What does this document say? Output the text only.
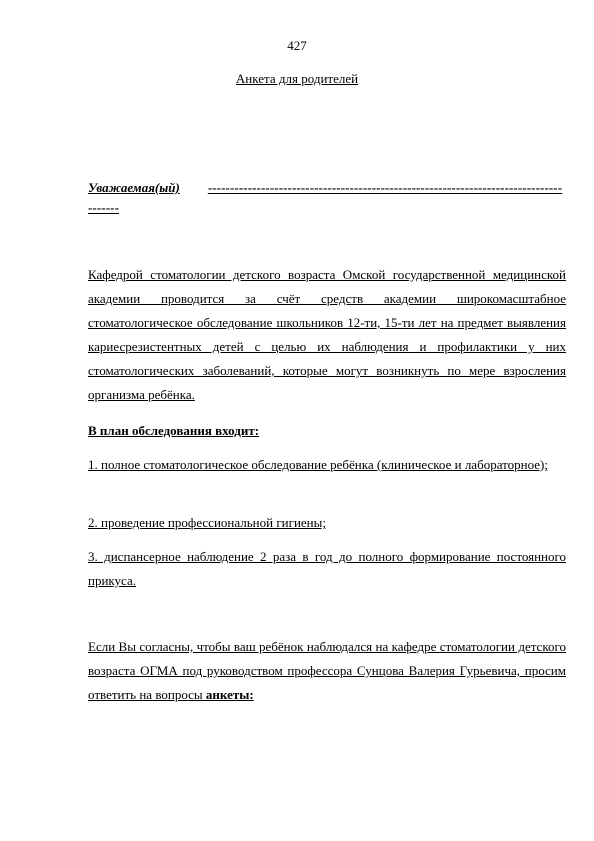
427
Анкета для родителей
Уважаемая(ый) ---------------------------------------------------------------------------------------

Кафедрой стоматологии детского возраста Омской государственной медицинской академии проводится за счёт средств академии широкомасштабное стоматологическое обследование школьников 12-ти, 15-ти лет на предмет выявления кариесрезистентных детей с целью их наблюдения и профилактики у них стоматологических заболеваний, которые могут возникнуть по мере взросления организма ребёнка.

В план обследования входит:

1. полное стоматологическое обследование ребёнка (клиническое и лабораторное);

2. проведение профессиональной гигиены;

3. диспансерное наблюдение 2 раза в год до полного формирование постоянного прикуса.

Если Вы согласны, чтобы ваш ребёнок наблюдался на кафедре стоматологии детского возраста ОГМА под руководством профессора Сунцова Валерия Гурьевича, просим ответить на вопросы анкеты:
